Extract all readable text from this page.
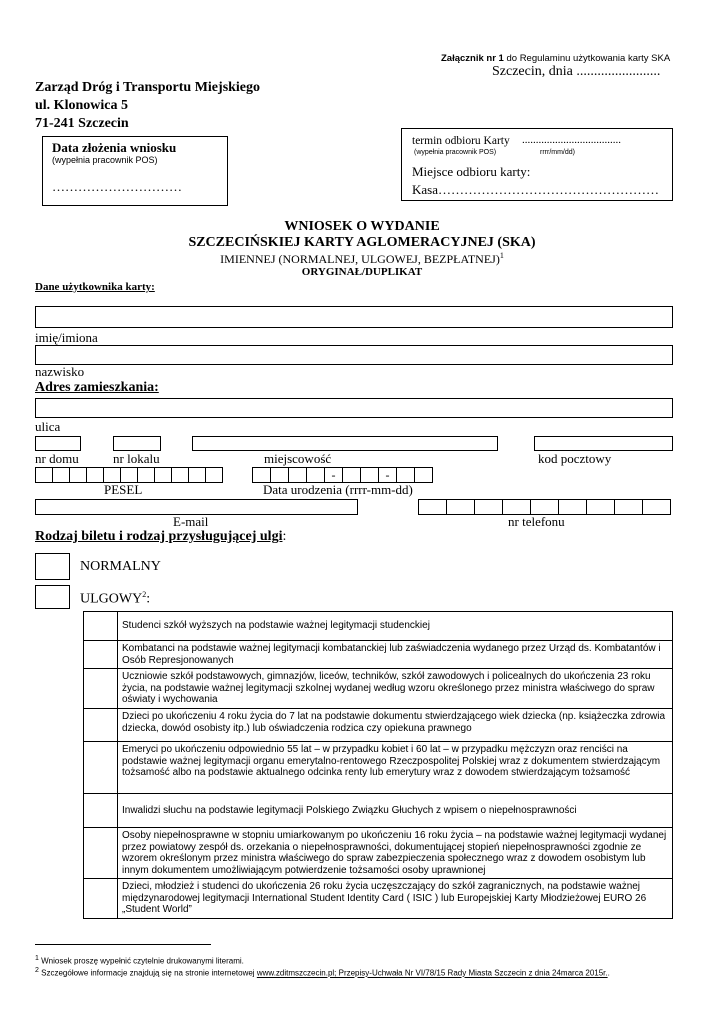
Załącznik nr 1 do Regulaminu użytkowania karty SKA
Szczecin, dnia ........................
Zarząd Dróg i Transportu Miejskiego
ul. Klonowica 5
71-241 Szczecin
Data złożenia wniosku
(wypełnia pracownik POS)
…………………………
termin odbioru Karty ....................................
(wypełnia pracownik POS)	rrrr/mm/dd)
Miejsce odbioru karty:
Kasa……………………………………………
WNIOSEK O WYDANIE
SZCZECIŃSKIEJ KARTY AGLOMERACYJNEJ (SKA)
IMIENNEJ (NORMALNEJ, ULGOWEJ, BEZPŁATNEJ)$^1$
ORYGINAŁ/DUPLIKAT
Dane użytkownika karty:
imię/imiona
nazwisko
Adres zamieszkania:
ulica
nr domu	nr lokalu	miejscowość	kod pocztowy
-	-
PESEL	Data urodzenia (rrrr-mm-dd)
E-mail	nr telefonu
Rodzaj biletu i rodzaj przysługującej ulgi:
NORMALNY
ULGOWY$^2$:
	Studenci szkół wyższych na podstawie ważnej legitymacji studenckiej
	Kombatanci na podstawie ważnej legitymacji kombatanckiej lub zaświadczenia wydanego przez Urząd ds. Kombatantów i Osób Represjonowanych
	Uczniowie szkół podstawowych, gimnazjów, liceów, techników, szkół zawodowych i policealnych do ukończenia 23 roku życia, na podstawie ważnej legitymacji szkolnej wydanej według wzoru określonego przez ministra właściwego do spraw oświaty i wychowania
	Dzieci po ukończeniu 4 roku życia do 7 lat na podstawie dokumentu stwierdzającego wiek dziecka (np. książeczka zdrowia dziecka, dowód osobisty itp.) lub oświadczenia rodzica czy opiekuna prawnego
	Emeryci po ukończeniu odpowiednio 55 lat – w przypadku kobiet i 60 lat – w przypadku mężczyzn oraz renciści na podstawie ważnej legitymacji organu emerytalno-rentowego Rzeczpospolitej Polskiej wraz z dokumentem stwierdzającym tożsamość albo na podstawie aktualnego odcinka renty lub emerytury wraz z dowodem stwierdzającym tożsamość
	Inwalidzi słuchu na podstawie legitymacji Polskiego Związku Głuchych z wpisem o niepełnosprawności
	Osoby niepełnosprawne w stopniu umiarkowanym po ukończeniu 16 roku życia – na podstawie ważnej legitymacji wydanej przez powiatowy zespół ds. orzekania o niepełnosprawności, dokumentującej stopień niepełnosprawności zgodnie ze wzorem określonym przez ministra właściwego do spraw zabezpieczenia społecznego wraz z dowodem osobistym lub innym dokumentem umożliwiającym potwierdzenie tożsamości osoby uprawnionej
	Dzieci, młodzież i studenci do ukończenia 26 roku życia uczęszczający do szkół zagranicznych, na podstawie ważnej międzynarodowej legitymacji International Student Identity Card ( ISIC ) lub Europejskiej Karty Młodzieżowej EURO 26 „Student World”
$^1$ Wniosek proszę wypełnić czytelnie drukowanymi literami.
$^2$ Szczegółowe informacje znajdują się na stronie internetowej www.zditmszczecin.pl; Przepisy-Uchwała Nr VI/78/15 Rady Miasta Szczecin z dnia 24marca 2015r..
